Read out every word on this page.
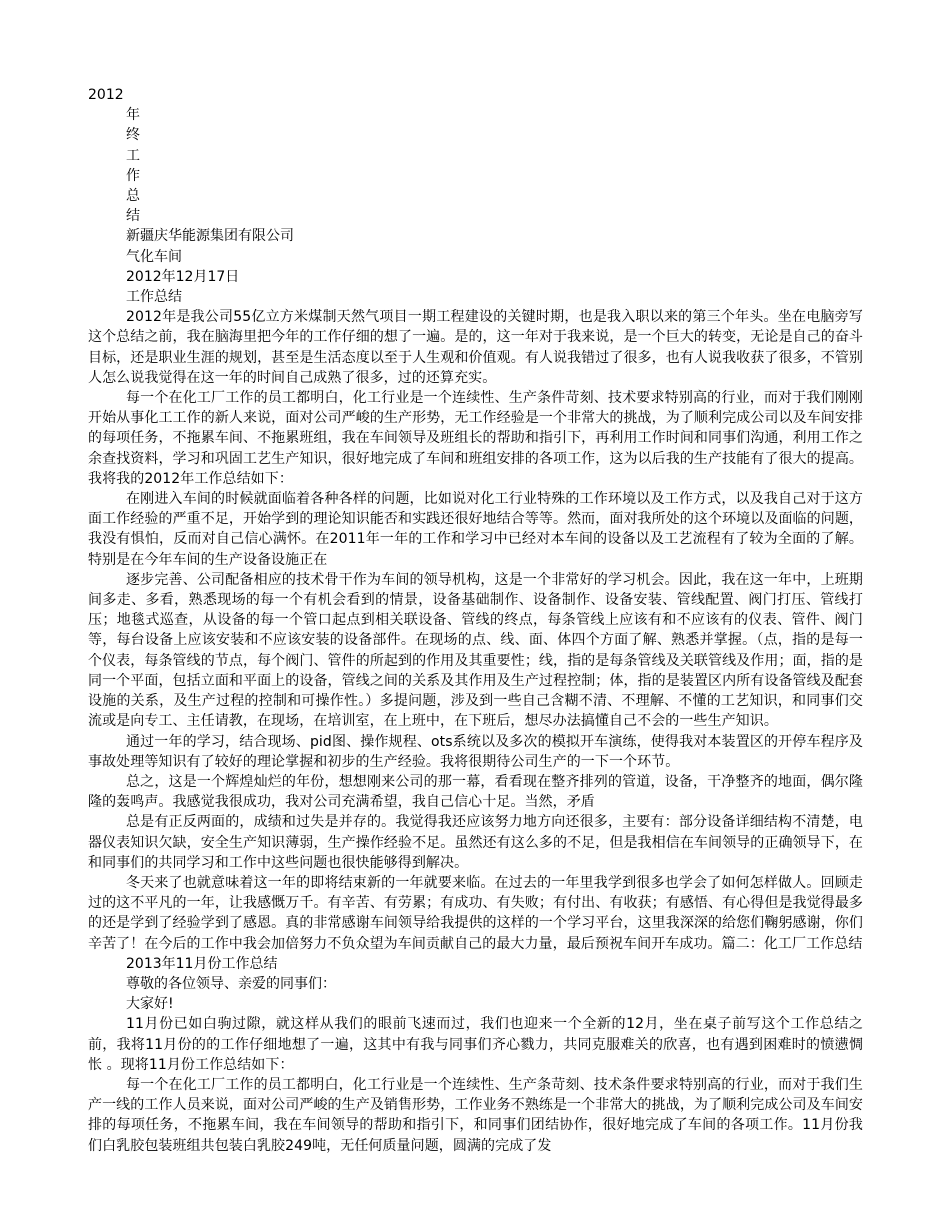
2012
年
终
工
作
总
结
新疆庆华能源集团有限公司
气化车间
2012年12月17日
工作总结
2012年是我公司55亿立方米煤制天然气项目一期工程建设的关键时期，也是我入职以来的第三个年头。坐在电脑旁写这个总结之前，我在脑海里把今年的工作仔细的想了一遍。是的，这一年对于我来说，是一个巨大的转变，无论是自己的奋斗目标，还是职业生涯的规划，甚至是生活态度以至于人生观和价值观。有人说我错过了很多，也有人说我收获了很多，不管别人怎么说我觉得在这一年的时间自己成熟了很多，过的还算充实。
每一个在化工厂工作的员工都明白，化工行业是一个连续性、生产条件苛刻、技术要求特别高的行业，而对于我们刚刚开始从事化工工作的新人来说，面对公司严峻的生产形势，无工作经验是一个非常大的挑战，为了顺利完成公司以及车间安排的每项任务，不拖累车间、不拖累班组，我在车间领导及班组长的帮助和指引下，再利用工作时间和同事们沟通，利用工作之余查找资料，学习和巩固工艺生产知识，很好地完成了车间和班组安排的各项工作，这为以后我的生产技能有了很大的提高。我将我的2012年工作总结如下：
在刚进入车间的时候就面临着各种各样的问题，比如说对化工行业特殊的工作环境以及工作方式，以及我自己对于这方面工作经验的严重不足，开始学到的理论知识能否和实践还很好地结合等等。然而，面对我所处的这个环境以及面临的问题，我没有惧怕，反而对自己信心满怀。在2011年一年的工作和学习中已经对本车间的设备以及工艺流程有了较为全面的了解。特别是在今年车间的生产设备设施正在
逐步完善、公司配备相应的技术骨干作为车间的领导机构，这是一个非常好的学习机会。因此，我在这一年中，上班期间多走、多看，熟悉现场的每一个有机会看到的情景，设备基础制作、设备制作、设备安装、管线配置、阀门打压、管线打压；地毯式巡查，从设备的每一个管口起点到相关联设备、管线的终点，每条管线上应该有和不应该有的仪表、管件、阀门等，每台设备上应该安装和不应该安装的设备部件。在现场的点、线、面、体四个方面了解、熟悉并掌握。（点，指的是每一个仪表，每条管线的节点，每个阀门、管件的所起到的作用及其重要性；线，指的是每条管线及关联管线及作用；面，指的是同一个平面，包括立面和平面上的设备，管线之间的关系及其作用及生产过程控制；体，指的是装置区内所有设备管线及配套设施的关系，及生产过程的控制和可操作性。）多提问题，涉及到一些自己含糊不清、不理解、不懂的工艺知识，和同事们交流或是向专工、主任请教，在现场，在培训室，在上班中，在下班后，想尽办法搞懂自己不会的一些生产知识。
通过一年的学习，结合现场、pid图、操作规程、ots系统以及多次的模拟开车演练，使得我对本装置区的开停车程序及事故处理等知识有了较好的理论掌握和初步的生产经验。我将很期待公司生产的一下一个环节。
总之，这是一个辉煌灿烂的年份，想想刚来公司的那一幕，看看现在整齐排列的管道，设备，干净整齐的地面，偶尔隆隆的轰鸣声。我感觉我很成功，我对公司充满希望，我自己信心十足。当然，矛盾
总是有正反两面的，成绩和过失是并存的。我觉得我还应该努力地方向还很多，主要有：部分设备详细结构不清楚，电器仪表知识欠缺，安全生产知识薄弱，生产操作经验不足。虽然还有这么多的不足，但是我相信在车间领导的正确领导下，在和同事们的共同学习和工作中这些问题也很快能够得到解决。
冬天来了也就意味着这一年的即将结束新的一年就要来临。在过去的一年里我学到很多也学会了如何怎样做人。回顾走过的这不平凡的一年，让我感慨万千。有辛苦、有劳累；有成功、有失败；有付出、有收获；有感悟、有心得但是我觉得最多的还是学到了经验学到了感恩。真的非常感谢车间领导给我提供的这样的一个学习平台，这里我深深的给您们鞠躬感谢，你们辛苦了！在今后的工作中我会加倍努力不负众望为车间贡献自己的最大力量，最后预祝车间开车成功。篇二：化工厂工作总结
2013年11月份工作总结
尊敬的各位领导、亲爱的同事们：
大家好!
11月份已如白驹过隙，就这样从我们的眼前飞速而过，我们也迎来一个全新的12月，坐在桌子前写这个工作总结之前，我将11月份的的工作仔细地想了一遍，这其中有我与同事们齐心戮力，共同克服难关的欣喜，也有遇到困难时的愤懑惆怅 。现将11月份工作总结如下：
每一个在化工厂工作的员工都明白，化工行业是一个连续性、生产条苛刻、技术条件要求特别高的行业，而对于我们生产一线的工作人员来说，面对公司严峻的生产及销售形势，工作业务不熟练是一个非常大的挑战，为了顺利完成公司及车间安排的每项任务，不拖累车间，我在车间领导的帮助和指引下，和同事们团结协作，很好地完成了车间的各项工作。11月份我们白乳胶包装班组共包装白乳胶249吨，无任何质量问题，圆满的完成了发
